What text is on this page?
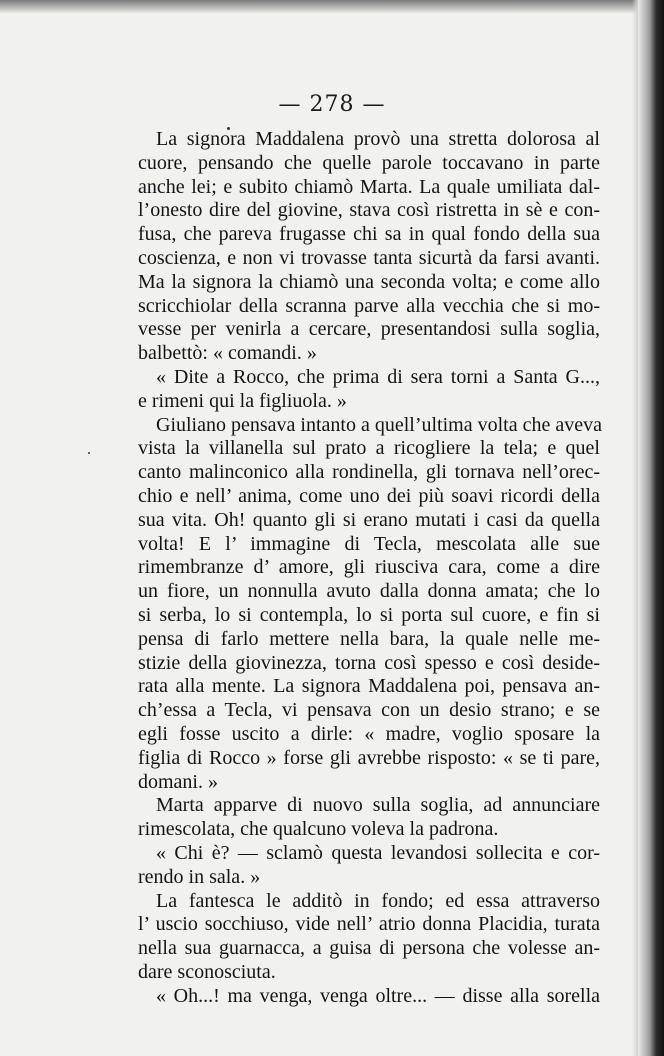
— 278 —
La signora Maddalena provò una stretta dolorosa al
cuore, pensando che quelle parole toccavano in parte
anche lei; e subito chiamò Marta. La quale umiliata dal-
l’onesto dire del giovine, stava così ristretta in sè e con-
fusa, che pareva frugasse chi sa in qual fondo della sua
coscienza, e non vi trovasse tanta sicurtà da farsi avanti.
Ma la signora la chiamò una seconda volta; e come allo
scricchiolar della scranna parve alla vecchia che si mo-
vesse per venirla a cercare, presentandosi sulla soglia,
balbettò: « comandi. »
« Dite a Rocco, che prima di sera torni a Santa G...,
e rimeni qui la figliuola. »
Giuliano pensava intanto a quell’ultima volta che aveva
vista la villanella sul prato a ricogliere la tela; e quel
canto malinconico alla rondinella, gli tornava nell’orec-
chio e nell’ anima, come uno dei più soavi ricordi della
sua vita. Oh! quanto gli si erano mutati i casi da quella
volta! E l’ immagine di Tecla, mescolata alle sue
rimembranze d’ amore, gli riusciva cara, come a dire
un fiore, un nonnulla avuto dalla donna amata; che lo
si serba, lo si contempla, lo si porta sul cuore, e fin si
pensa di farlo mettere nella bara, la quale nelle me-
stizie della giovinezza, torna così spesso e così deside-
rata alla mente. La signora Maddalena poi, pensava an-
ch’essa a Tecla, vi pensava con un desio strano; e se
egli fosse uscito a dirle: « madre, voglio sposare la
figlia di Rocco » forse gli avrebbe risposto: « se ti pare,
domani. »
Marta apparve di nuovo sulla soglia, ad annunciare
rimescolata, che qualcuno voleva la padrona.
« Chi è? — sclamò questa levandosi sollecita e cor-
rendo in sala. »
La fantesca le additò in fondo; ed essa attraverso
l’ uscio socchiuso, vide nell’ atrio donna Placidia, turata
nella sua guarnacca, a guisa di persona che volesse an-
dare sconosciuta.
« Oh...! ma venga, venga oltre... — disse alla sorella
